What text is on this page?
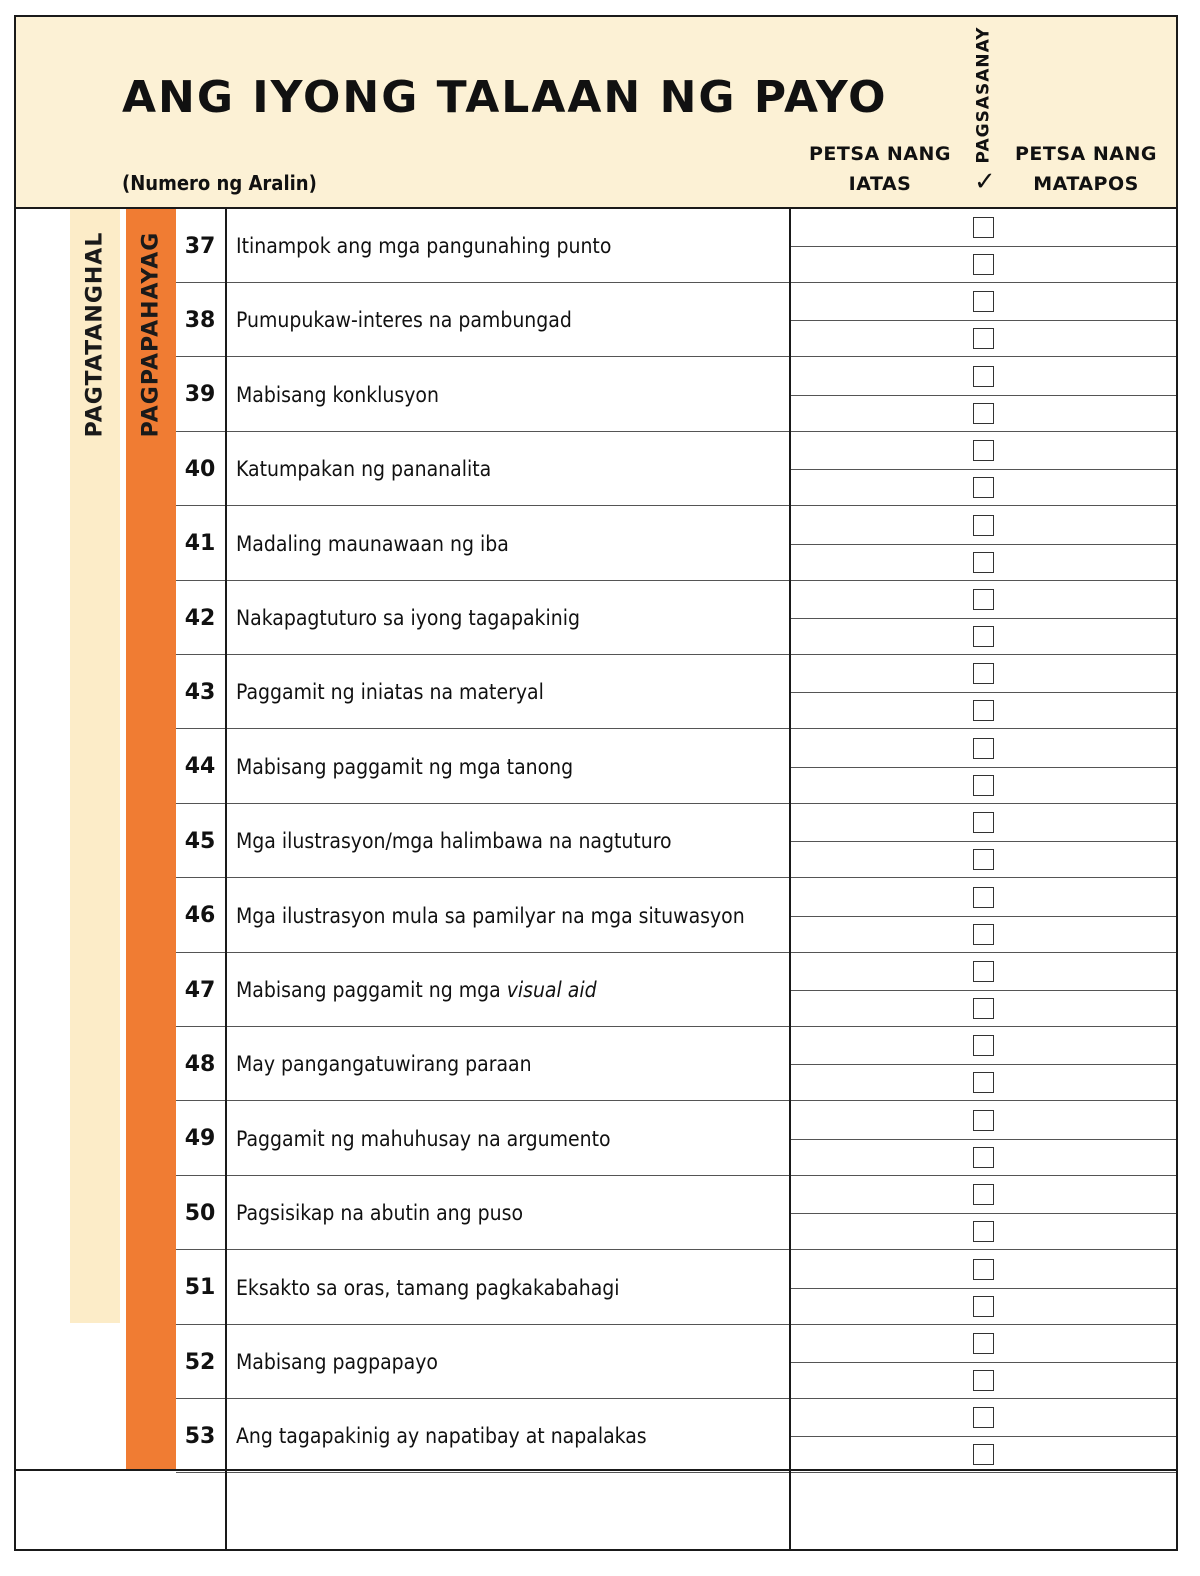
ANG IYONG TALAAN NG PAYO
(Numero ng Aralin)
PETSA NANG
IATAS
PAGSASANAY
✓
PETSA NANG
MATAPOS
PAGTATANGHAL PAGPAPAHAYAG 37 Itinampok ang mga pangunahing punto
38 Pumupukaw-interes na pambungad
39 Mabisang konklusyon
40 Katumpakan ng pananalita
41 Madaling maunawaan ng iba
42 Nakapagtuturo sa iyong tagapakinig
43 Paggamit ng iniatas na materyal
44 Mabisang paggamit ng mga tanong
45 Mga ilustrasyon/mga halimbawa na nagtuturo
46 Mga ilustrasyon mula sa pamilyar na mga situwasyon
47 Mabisang paggamit ng mga visual aid
48 May pangangatuwirang paraan
49 Paggamit ng mahuhusay na argumento
50 Pagsisikap na abutin ang puso
51 Eksakto sa oras, tamang pagkakabahagi
52 Mabisang pagpapayo
53 Ang tagapakinig ay napatibay at napalakas
